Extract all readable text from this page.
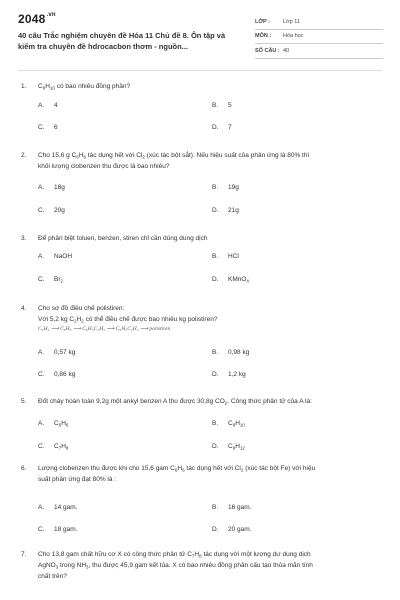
$2048^{.vn}$
40 câu Trắc nghiệm chuyên đề Hóa 11 Chủ đề 8. Ôn tập và
kiểm tra chuyên đề hdrocacbon thơm - nguồn...
LỚP :	Lớp 11
MÔN :	Hóa học
SỐ CÂU : 40
1. $C_8H_{10}$ có bao nhiêu đồng phân?
A. 4	B. 5
C. 6	D. 7
2. Cho 15,6 g $C_6H_6$ tác dụng hết với $Cl_2$ (xúc tác bột sắt). Nếu hiệu suất của phản ứng là 80% thì
khối lượng clobenzen thu được là bao nhiêu?
A. 18g	B. 19g
C. 20g	D. 21g
3. Để phân biệt toluen, benzen, stiren chỉ cần dùng dung dịch
A. NaOH	B. HCl
C. $Br_2$	D. KMnO$_4$
4. Cho sơ đồ điều chế polistiren:
Với 5,2 kg $C_2H_2$ có thể điều chế được bao nhiêu kg polistiren?
C₂H₂ ⟶ C₆H₆ ⟶ C₆H₅C₂H₅ ⟶ C₆H₅C₂H₃ ⟶ polistiren
A. 0,57 kg	B. 0,98 kg
C. 0,86 kg	D. 1,2 kg
5. Đốt cháy hoàn toàn 9,2g một ankyl benzen A thu được 30,8g $CO_2$. Công thức phân tử của A là:
A. $C_6H_6$	B. $C_8H_{10}$
C. $C_7H_8$	D. $C_9H_{12}$
6. Lượng clobenzen thu được khi cho 15,6 gam $C_6H_6$ tác dụng hết với $Cl_2$ (xúc tác bột Fe) với hiệu
suất phản ứng đạt 80% là :
A. 14 gam.	B. 16 gam.
C. 18 gam.	D. 20 gam.
7. Cho 13,8 gam chất hữu cơ X có công thức phân tử $C_7H_8$ tác dụng với một lượng dư dung dịch
AgNO$_3$ trong $NH_3$, thu được 45,9 gam kết tủa. X có bao nhiêu đồng phân cấu tạo thỏa mãn tính
chất trên?
